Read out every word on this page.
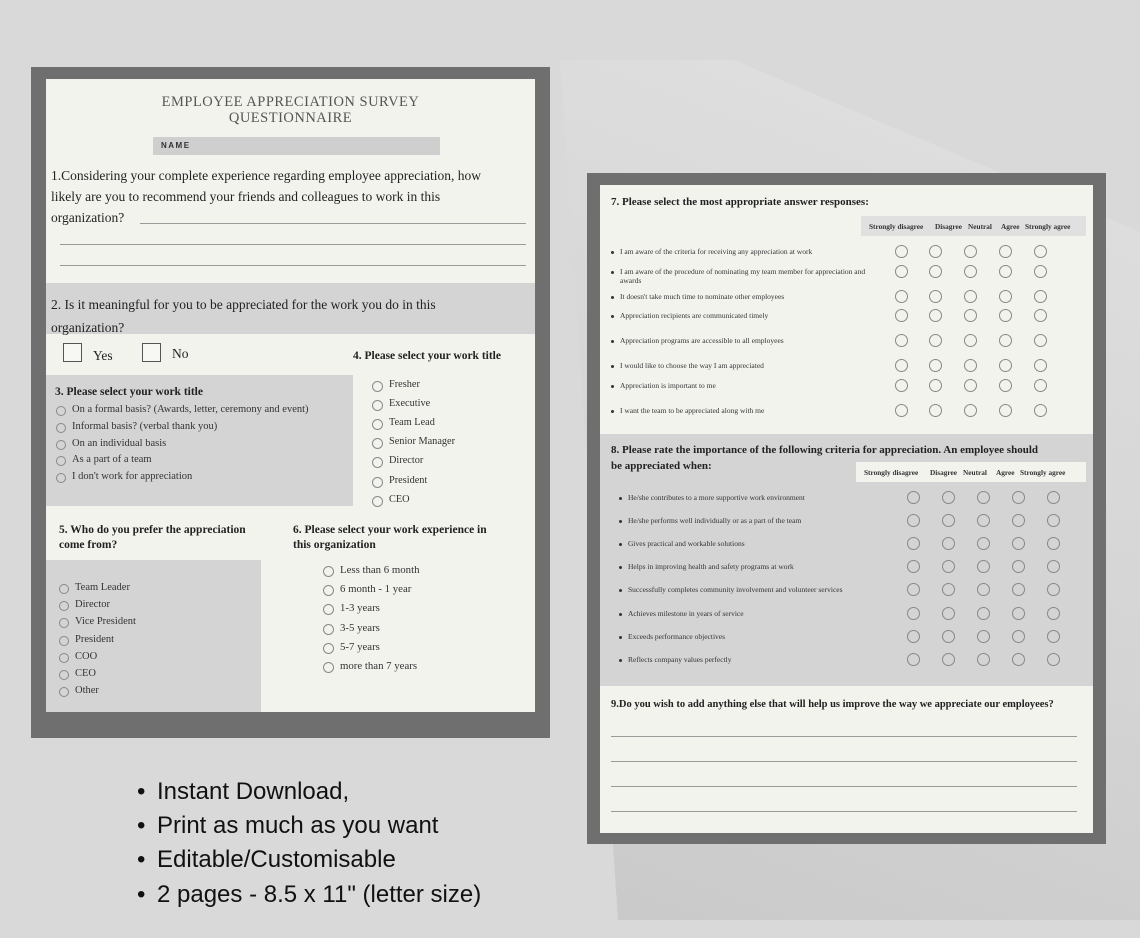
EMPLOYEE APPRECIATION SURVEY
QUESTIONNAIRE
NAME
1.Considering your complete experience regarding employee appreciation, how
likely are you to recommend your friends and colleagues to work in this
organization?
2. Is it meaningful for you to be appreciated for the work you do in this
organization?
Yes	No	4. Please select your work title
Fresher
Executive
Team Lead
Senior Manager
Director
President
CEO
3. Please select your work title
On a formal basis? (Awards, letter, ceremony and event)
Informal basis? (verbal thank you)
On an individual basis
As a part of a team
I don't work for appreciation
5. Who do you prefer the appreciation
come from?
Team Leader
Director
Vice President
President
COO
CEO
Other
6. Please select your work experience in
this organization
Less than 6 month
6 month - 1 year
1-3 years
3-5 years
5-7 years
more than 7 years
7. Please select the most appropriate answer responses:
Strongly disagree Disagree Neutral Agree Strongly agree
I am aware of the criteria for receiving any appreciation at work
I am aware of the procedure of nominating my team member for appreciation and awards
It doesn't take much time to nominate other employees
Appreciation recipients are communicated timely
Appreciation programs are accessible to all employees
I would like to choose the way I am appreciated
Appreciation is important to me
I want the team to be appreciated along with me
8. Please rate the importance of the following criteria for appreciation. An employee should
be appreciated when:
Strongly disagree Disagree Neutral Agree Strongly agree
He/she contributes to a more supportive work environment
He/she performs well individually or as a part of the team
Gives practical and workable solutions
Helps in improving health and safety programs at work
Successfully completes community involvement and volunteer services
Achieves milestone in years of service
Exceeds performance objectives
Reflects company values perfectly
9.Do you wish to add anything else that will help us improve the way we appreciate our employees?
• Instant Download,
• Print as much as you want
• Editable/Customisable
• 2 pages - 8.5 x 11" (letter size)
